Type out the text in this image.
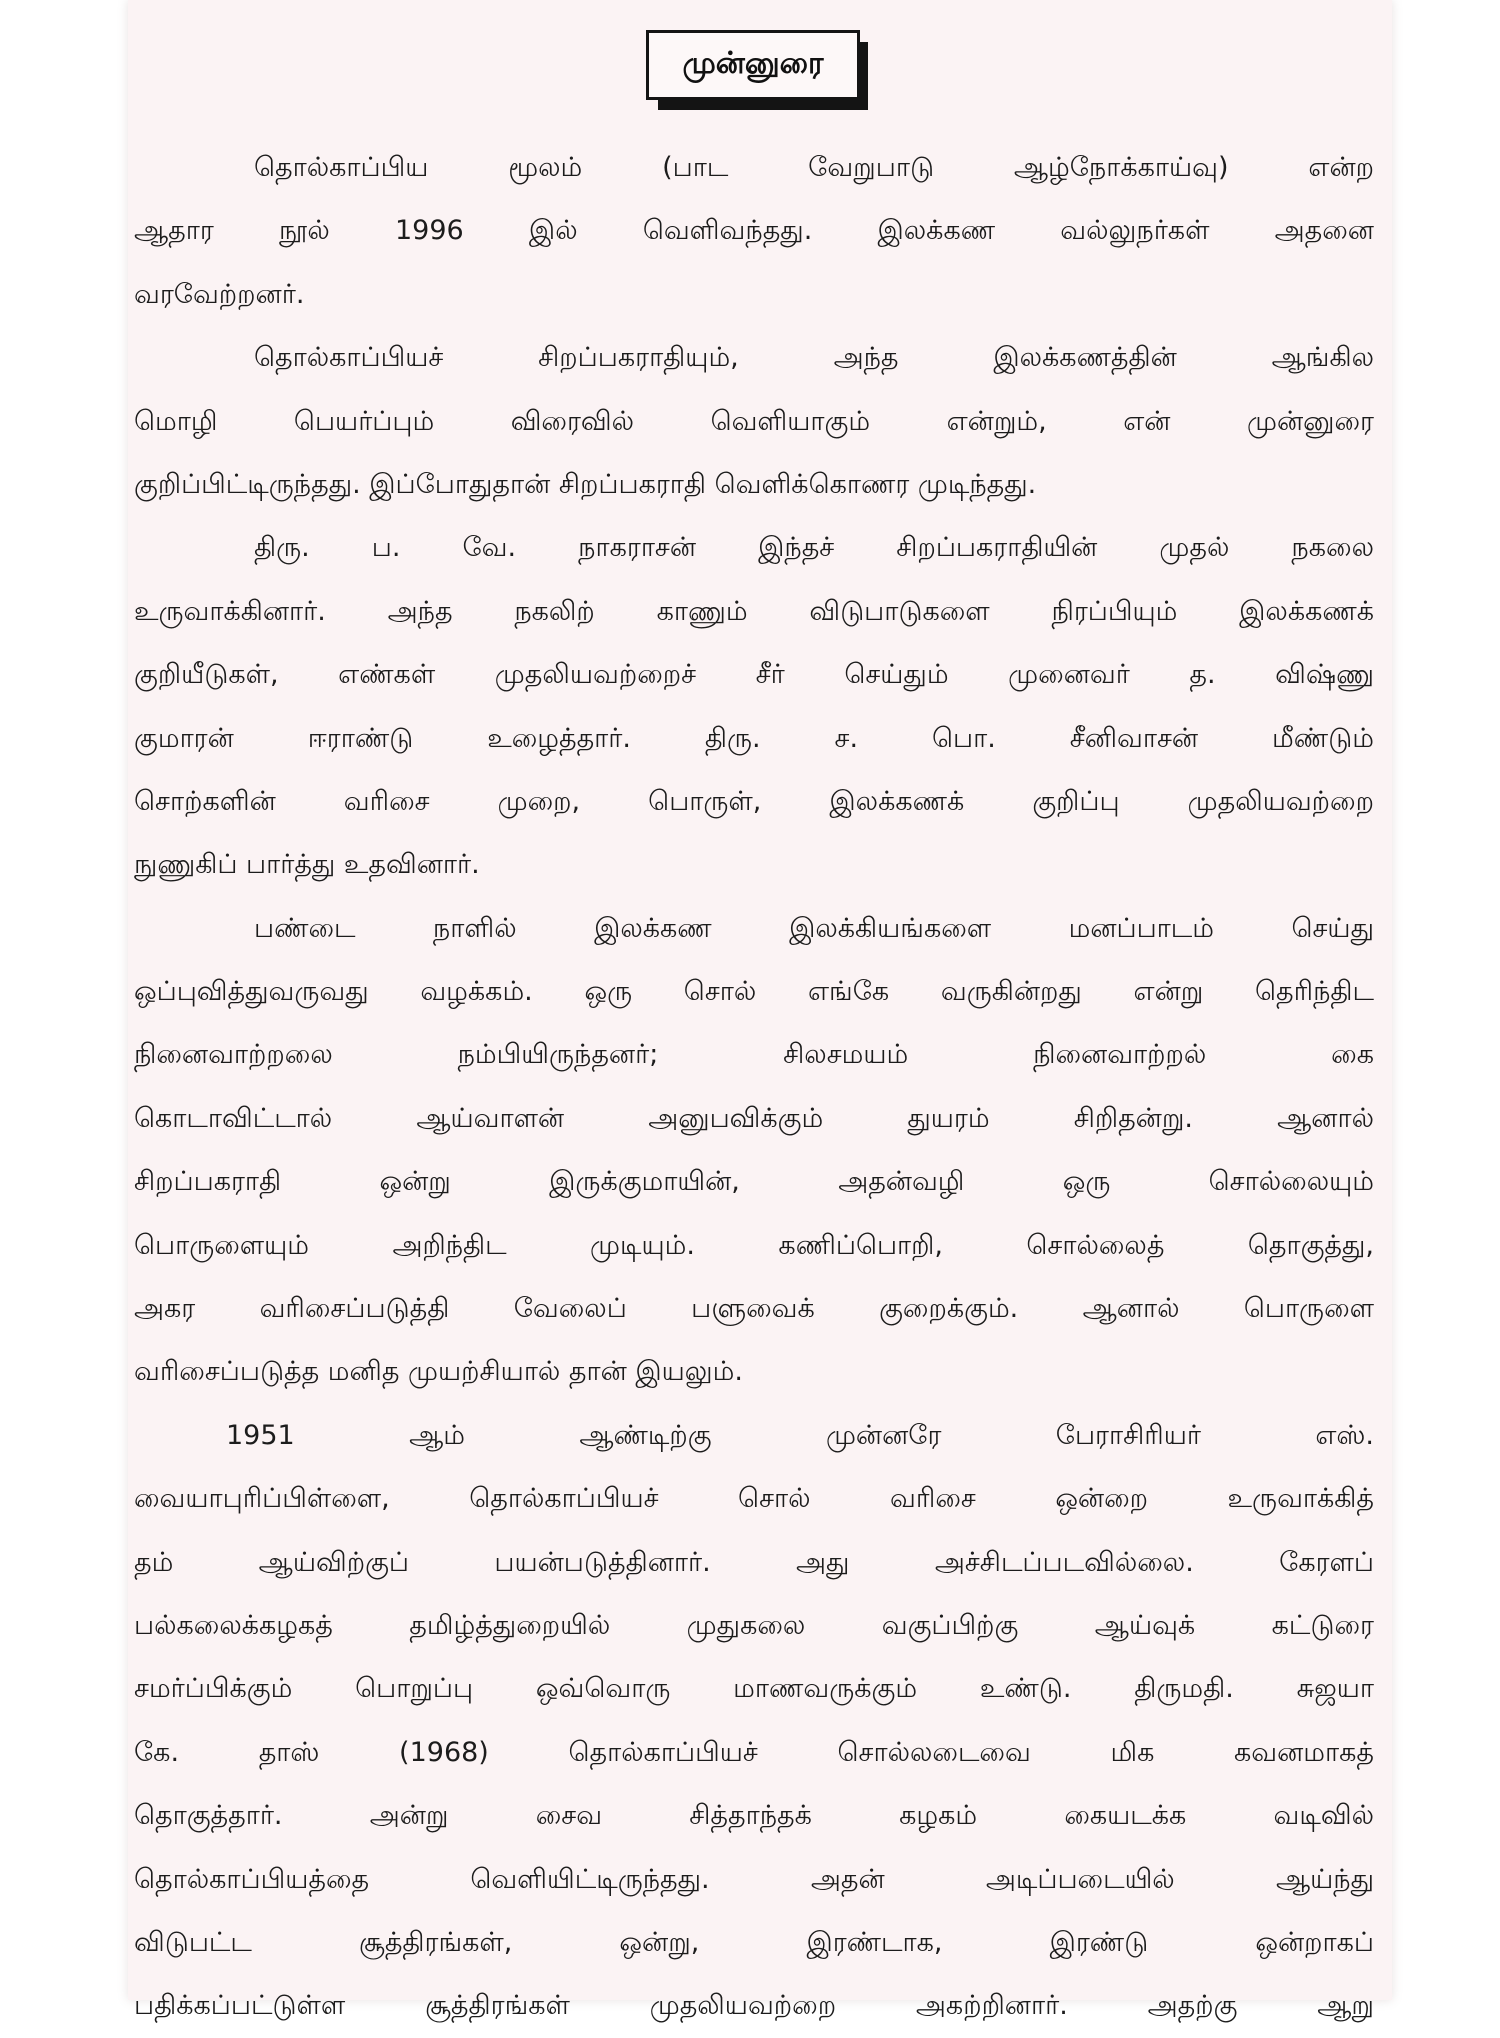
முன்னுரை

தொல்காப்பிய மூலம் (பாட வேறுபாடு ஆழ்நோக்காய்வு) என்ற

ஆதார நூல் 1996 இல் வெளிவந்தது. இலக்கண வல்லுநர்கள் அதனை

வரவேற்றனர்.

தொல்காப்பியச் சிறப்பகராதியும், அந்த இலக்கணத்தின் ஆங்கில

மொழி பெயர்ப்பும் விரைவில் வெளியாகும் என்றும், என் முன்னுரை

குறிப்பிட்டிருந்தது. இப்போதுதான் சிறப்பகராதி வெளிக்கொணர முடிந்தது.

திரு. ப. வே. நாகராசன் இந்தச் சிறப்பகராதியின் முதல் நகலை

உருவாக்கினார். அந்த நகலிற் காணும் விடுபாடுகளை நிரப்பியும் இலக்கணக்

குறியீடுகள், எண்கள் முதலியவற்றைச் சீர் செய்தும் முனைவர் த. விஷ்ணு

குமாரன் ஈராண்டு உழைத்தார். திரு. ச. பொ. சீனிவாசன் மீண்டும்

சொற்களின் வரிசை முறை, பொருள், இலக்கணக் குறிப்பு முதலியவற்றை

நுணுகிப் பார்த்து உதவினார்.

பண்டை நாளில் இலக்கண இலக்கியங்களை மனப்பாடம் செய்து

ஒப்புவித்துவருவது வழக்கம். ஒரு சொல் எங்கே வருகின்றது என்று தெரிந்திட

நினைவாற்றலை நம்பியிருந்தனர்; சிலசமயம் நினைவாற்றல் கை

கொடாவிட்டால் ஆய்வாளன் அனுபவிக்கும் துயரம் சிறிதன்று. ஆனால்

சிறப்பகராதி ஒன்று இருக்குமாயின், அதன்வழி ஒரு சொல்லையும்

பொருளையும் அறிந்திட முடியும். கணிப்பொறி, சொல்லைத் தொகுத்து,

அகர வரிசைப்படுத்தி வேலைப் பளுவைக் குறைக்கும். ஆனால் பொருளை

வரிசைப்படுத்த மனித முயற்சியால் தான் இயலும்.

1951 ஆம் ஆண்டிற்கு முன்னரே பேராசிரியர் எஸ்.

வையாபுரிப்பிள்ளை, தொல்காப்பியச் சொல் வரிசை ஒன்றை உருவாக்கித்

தம் ஆய்விற்குப் பயன்படுத்தினார். அது அச்சிடப்படவில்லை. கேரளப்

பல்கலைக்கழகத் தமிழ்த்துறையில் முதுகலை வகுப்பிற்கு ஆய்வுக் கட்டுரை

சமர்ப்பிக்கும் பொறுப்பு ஒவ்வொரு மாணவருக்கும் உண்டு. திருமதி. சுஜயா

கே. தாஸ் (1968) தொல்காப்பியச் சொல்லடைவை மிக கவனமாகத்

தொகுத்தார். அன்று சைவ சித்தாந்தக் கழகம் கையடக்க வடிவில்

தொல்காப்பியத்தை வெளியிட்டிருந்தது. அதன் அடிப்படையில் ஆய்ந்து

விடுபட்ட சூத்திரங்கள், ஒன்று, இரண்டாக, இரண்டு ஒன்றாகப்

பதிக்கப்பட்டுள்ள சூத்திரங்கள் முதலியவற்றை அகற்றினார். அதற்கு ஆறு
